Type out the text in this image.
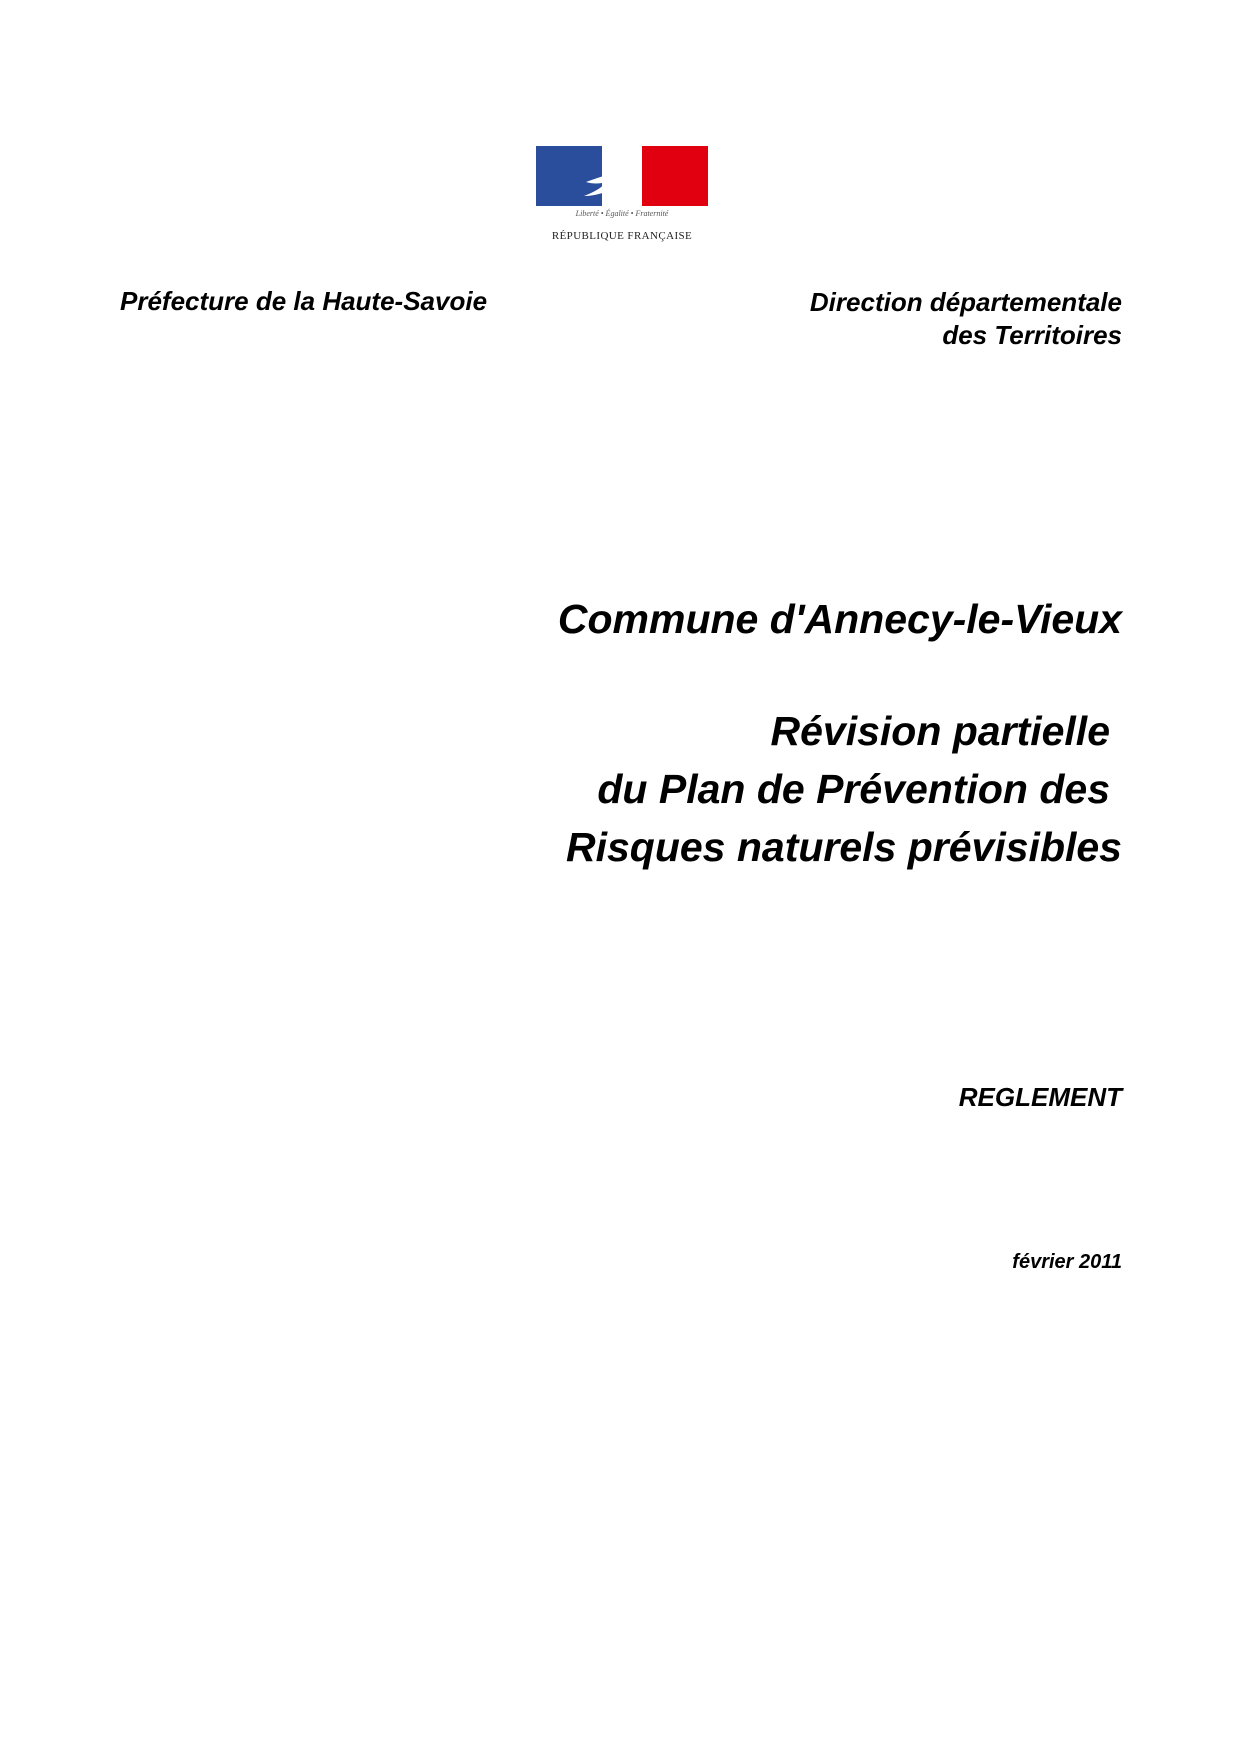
Liberté • Égalité • Fraternité
RÉPUBLIQUE FRANÇAISE
Préfecture de la Haute-Savoie	Direction départementale
des Territoires
Commune d'Annecy-le-Vieux
Révision partielle
du Plan de Prévention des
Risques naturels prévisibles
REGLEMENT
février 2011
